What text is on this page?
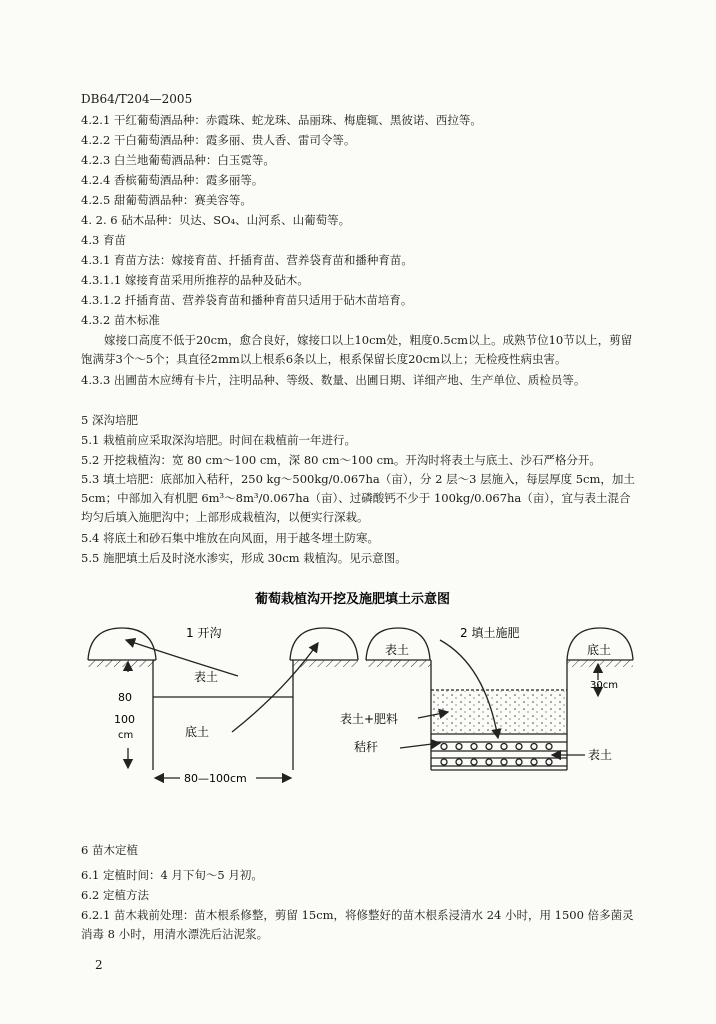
DB64/T204—2005
4.2.1 干红葡萄酒品种：赤霞珠、蛇龙珠、品丽珠、梅鹿辄、黑彼诺、西拉等。
4.2.2 干白葡萄酒品种：霞多丽、贵人香、雷司令等。
4.2.3 白兰地葡萄酒品种：白玉霓等。
4.2.4 香槟葡萄酒品种：霞多丽等。
4.2.5 甜葡萄酒品种：赛美容等。
4. 2. 6 砧木品种：贝达、SO₄、山河系、山葡萄等。
4.3 育苗
4.3.1 育苗方法：嫁接育苗、扦插育苗、营养袋育苗和播种育苗。
4.3.1.1 嫁接育苗采用所推荐的品种及砧木。
4.3.1.2 扦插育苗、营养袋育苗和播种育苗只适用于砧木苗培育。
4.3.2 苗木标准
嫁接口高度不低于20cm，愈合良好，嫁接口以上10cm处，粗度0.5cm以上。成熟节位10节以上，剪留饱满芽3个～5个；具直径2mm以上根系6条以上，根系保留长度20cm以上；无检疫性病虫害。
4.3.3 出圃苗木应缚有卡片，注明品种、等级、数量、出圃日期、详细产地、生产单位、质检员等。
5 深沟培肥
5.1 栽植前应采取深沟培肥。时间在栽植前一年进行。
5.2 开挖栽植沟：宽 80 cm～100 cm，深 80 cm～100 cm。开沟时将表土与底土、沙石严格分开。
5.3 填土培肥：底部加入秸秆，250 kg～500kg/0.067ha（亩），分 2 层～3 层施入，每层厚度 5cm，加土 5cm；中部加入有机肥 6m³～8m³/0.067ha（亩）、过磷酸钙不少于 100kg/0.067ha（亩），宜与表土混合均匀后填入施肥沟中；上部形成栽植沟，以便实行深栽。
5.4 将底土和砂石集中堆放在向风面，用于越冬埋土防寒。
5.5 施肥填土后及时浇水渗实，形成 30cm 栽植沟。见示意图。
葡萄栽植沟开挖及施肥填土示意图
1 开沟	2 填土施肥
表土
底土
80
100
cm
80—100cm
表土	底土
表土+肥料
秸秆
表土
30cm
6 苗木定植
6.1 定植时间：4 月下旬～5 月初。
6.2 定植方法
6.2.1 苗木栽前处理：苗木根系修整，剪留 15cm，将修整好的苗木根系浸清水 24 小时，用 1500 倍多菌灵消毒 8 小时，用清水漂洗后沾泥浆。
2
